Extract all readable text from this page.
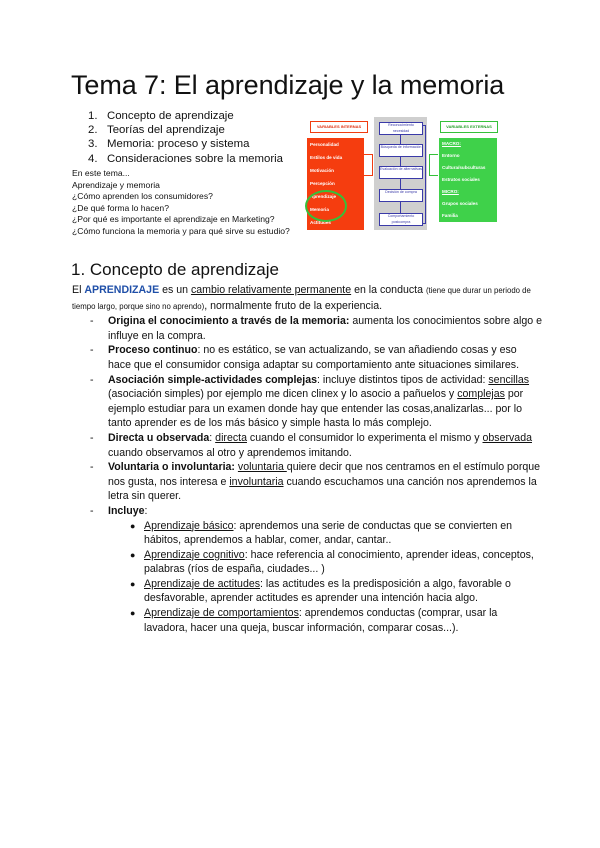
Tema 7: El aprendizaje y la memoria
1. Concepto de aprendizaje
2. Teorías del aprendizaje
3. Memoria: proceso y sistema
4. Consideraciones sobre la memoria
En este tema...
Aprendizaje y memoria
¿Cómo aprenden los consumidores?
¿De qué forma lo hacen?
¿Por qué es importante el aprendizaje en Marketing?
¿Cómo funciona la memoria y para qué sirve su estudio?
VARIABLES INTERNAS
Personalidad
Estilos de vida
Motivación
Percepción
Aprendizaje
Memoria
Actitudes
Reconocimiento necesidad
Búsqueda de información
Evaluación de alternativas
Decisión de compra
Comportamiento postcompra
VARIABLES EXTERNAS
MACRO:
Entorno
Cultura/subculturas
Estratos sociales
MICRO:
Grupos sociales
Familia
1. Concepto de aprendizaje

El APRENDIZAJE es un cambio relativamente permanente en la conducta (tiene que durar un periodo de tiempo largo, porque sino no aprendo), normalmente fruto de la experiencia.

- Origina el conocimiento a través de la memoria: aumenta los conocimientos sobre algo e influye en la compra.
- Proceso continuo: no es estático, se van actualizando, se van añadiendo cosas y eso hace que el consumidor consiga adaptar su comportamiento ante situaciones similares.
- Asociación simple-actividades complejas: incluye distintos tipos de actividad: sencillas (asociación simples) por ejemplo me dicen clinex y lo asocio a pañuelos y complejas por ejemplo estudiar para un examen donde hay que entender las cosas,analizarlas... por lo tanto aprender es de los más básico y simple hasta lo más complejo.
- Directa u observada: directa cuando el consumidor lo experimenta el mismo y observada cuando observamos al otro y aprendemos imitando.
- Voluntaria o involuntaria: voluntaria quiere decir que nos centramos en el estímulo porque nos gusta, nos interesa e involuntaria cuando escuchamos una canción nos aprendemos la letra sin querer.
- Incluye:
● Aprendizaje básico: aprendemos una serie de conductas que se convierten en hábitos, aprendemos a hablar, comer, andar, cantar..
● Aprendizaje cognitivo: hace referencia al conocimiento, aprender ideas, conceptos, palabras (ríos de españa, ciudades... )
● Aprendizaje de actitudes: las actitudes es la predisposición a algo, favorable o desfavorable, aprender actitudes es aprender una intención hacia algo.
● Aprendizaje de comportamientos: aprendemos conductas (comprar, usar la lavadora, hacer una queja, buscar información, comparar cosas...).
